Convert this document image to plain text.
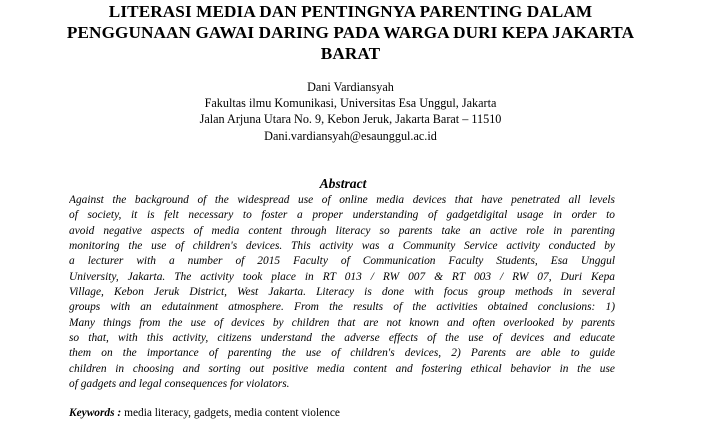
LITERASI MEDIA DAN PENTINGNYA PARENTING DALAM
PENGGUNAAN GAWAI DARING PADA WARGA DURI KEPA JAKARTA
BARAT
Dani Vardiansyah
Fakultas ilmu Komunikasi, Universitas Esa Unggul, Jakarta
Jalan Arjuna Utara No. 9, Kebon Jeruk, Jakarta Barat – 11510
Dani.vardiansyah@esaunggul.ac.id
Abstract
Against the background of the widespread use of online media devices that have penetrated all levels
of society, it is felt necessary to foster a proper understanding of gadgetdigital usage in order to
avoid negative aspects of media content through literacy so parents take an active role in parenting
monitoring the use of children's devices. This activity was a Community Service activity conducted by
a lecturer with a number of 2015 Faculty of Communication Faculty Students, Esa Unggul
University, Jakarta. The activity took place in RT 013 / RW 007 & RT 003 / RW 07, Duri Kepa
Village, Kebon Jeruk District, West Jakarta. Literacy is done with focus group methods in several
groups with an edutainment atmosphere. From the results of the activities obtained conclusions: 1)
Many things from the use of devices by children that are not known and often overlooked by parents
so that, with this activity, citizens understand the adverse effects of the use of devices and educate
them on the importance of parenting the use of children's devices, 2) Parents are able to guide
children in choosing and sorting out positive media content and fostering ethical behavior in the use
of gadgets and legal consequences for violators.
Keywords : media literacy, gadgets, media content violence
